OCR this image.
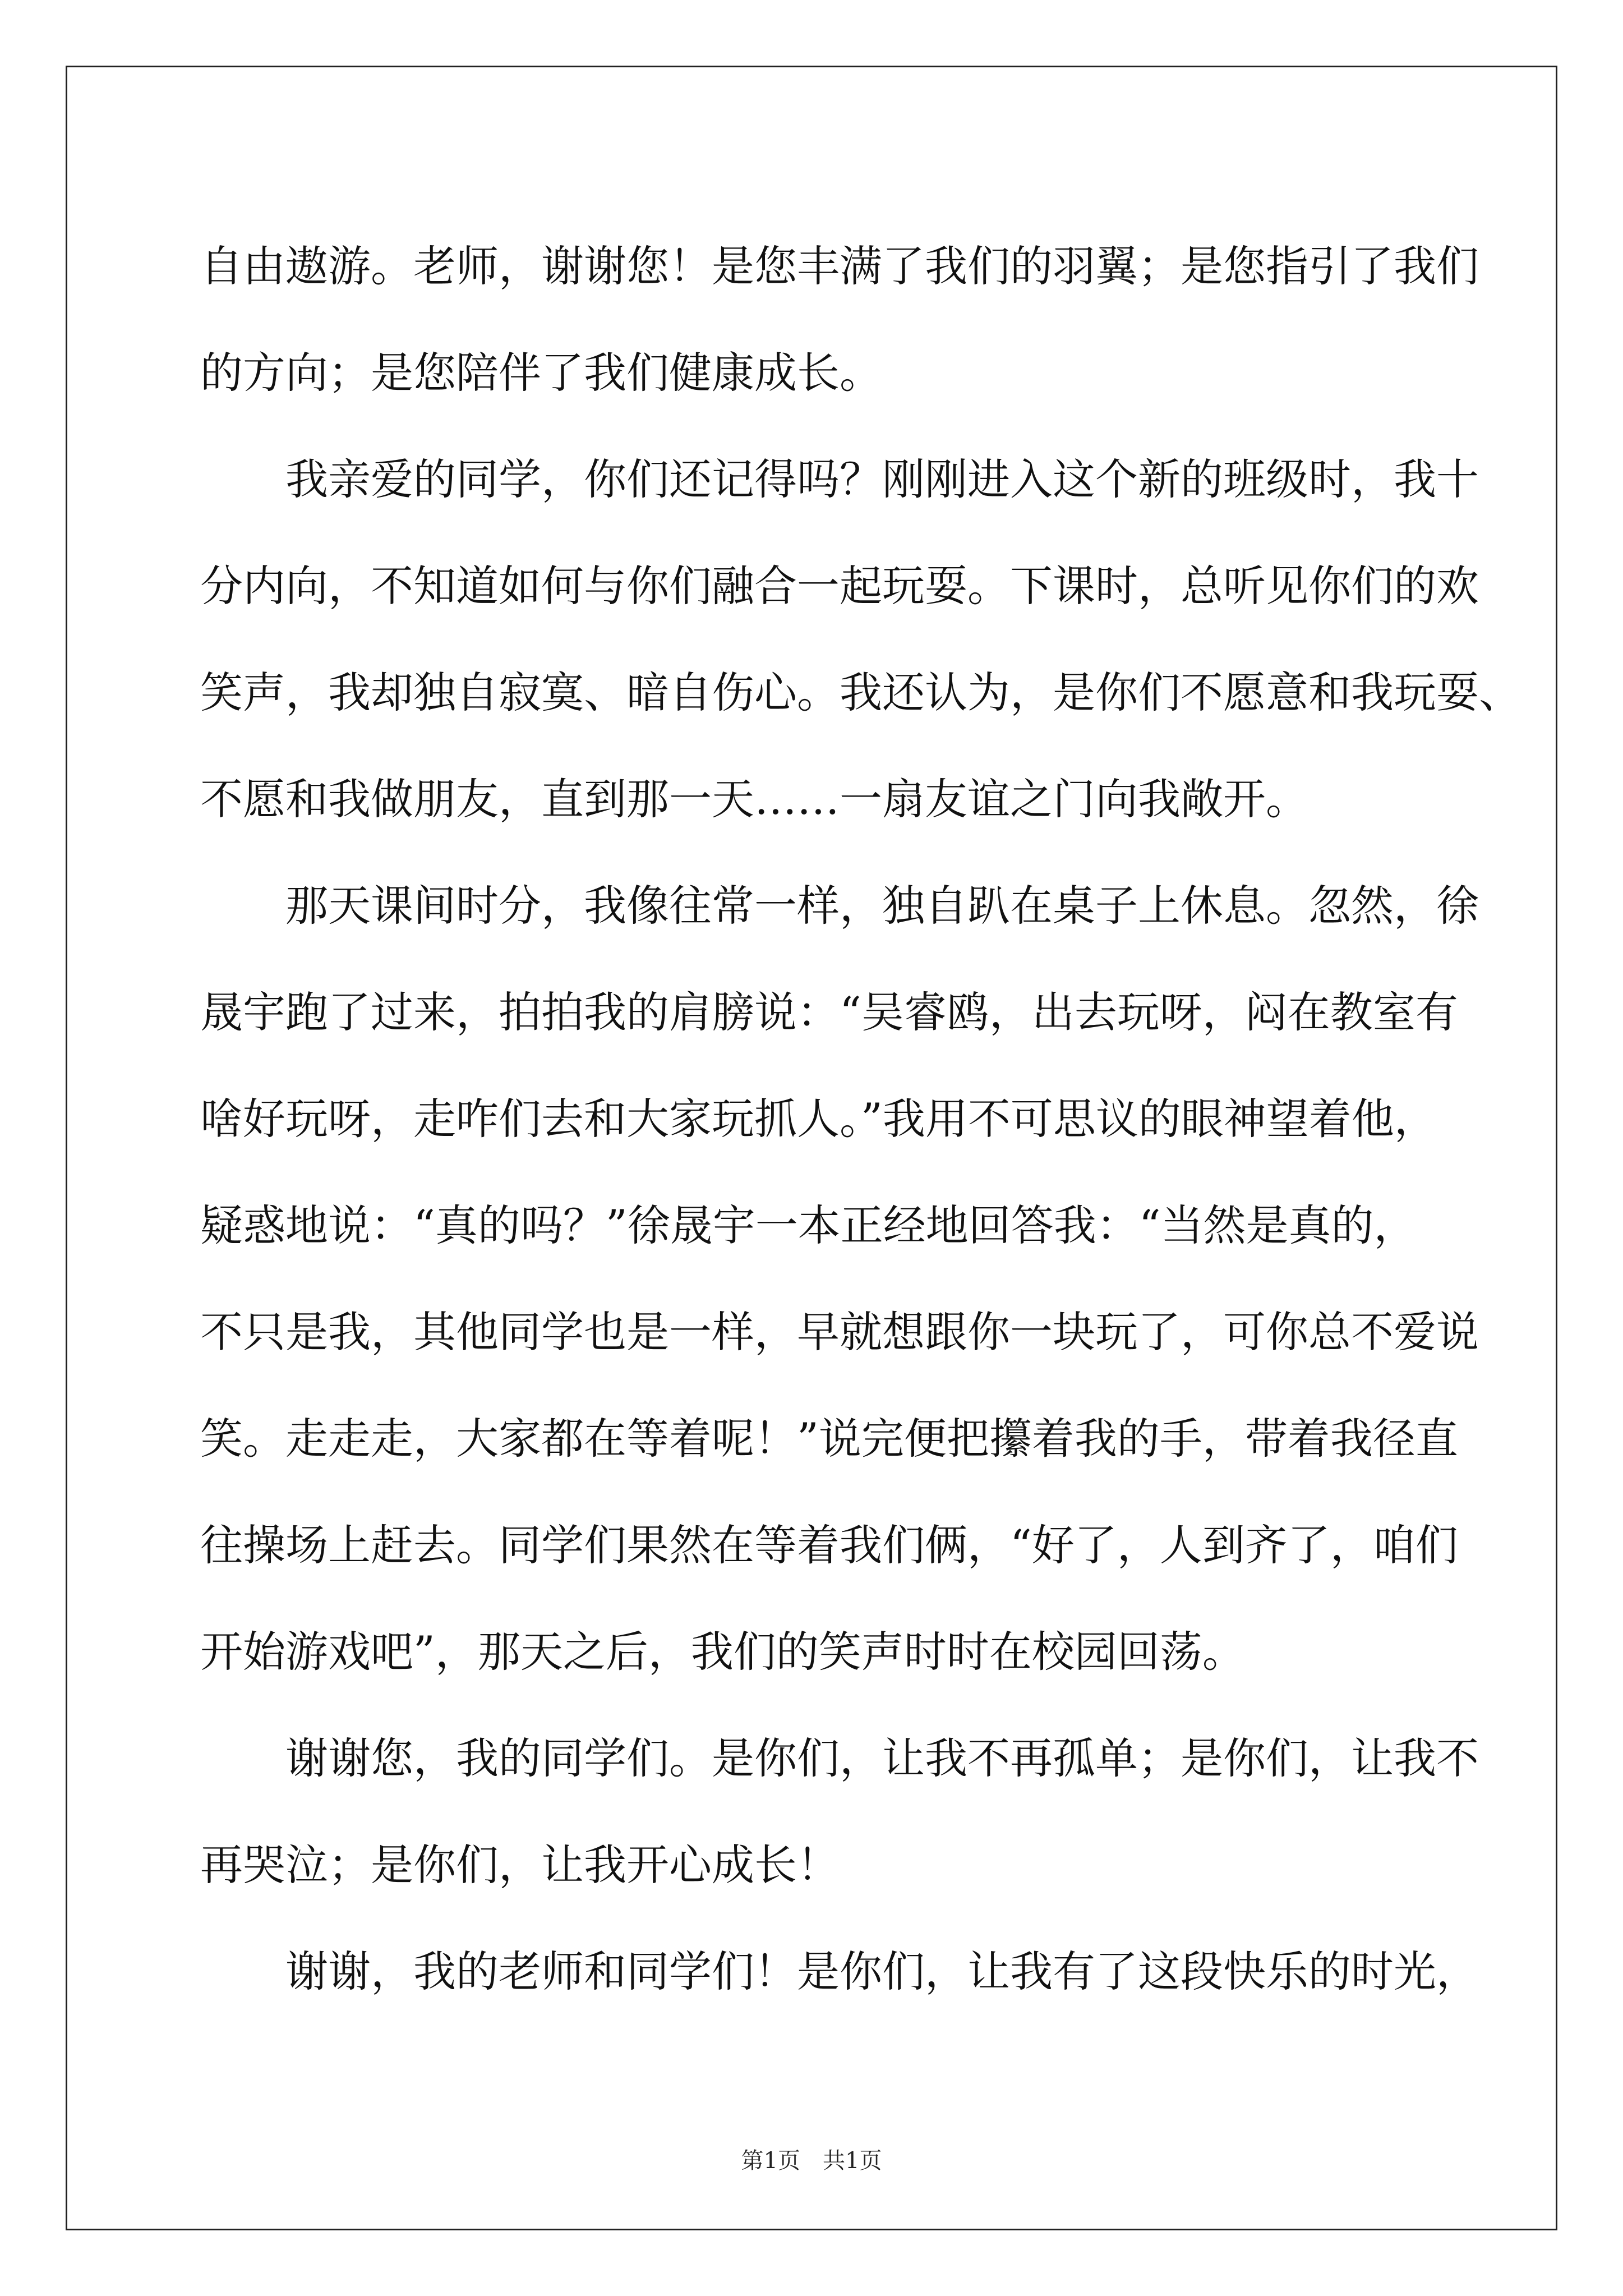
自由遨游。老师，谢谢您！是您丰满了我们的羽翼；是您指引了我们
的方向；是您陪伴了我们健康成长。
我亲爱的同学，你们还记得吗？刚刚进入这个新的班级时，我十
分内向，不知道如何与你们融合一起玩耍。下课时，总听见你们的欢
笑声，我却独自寂寞、暗自伤心。我还认为，是你们不愿意和我玩耍、
不愿和我做朋友，直到那一天……一扇友谊之门向我敞开。
那天课间时分，我像往常一样，独自趴在桌子上休息。忽然，徐
晟宇跑了过来，拍拍我的肩膀说：“吴睿鸥，出去玩呀，闷在教室有
啥好玩呀，走咋们去和大家玩抓人。”我用不可思议的眼神望着他，
疑惑地说：“真的吗？”徐晟宇一本正经地回答我：“当然是真的，
不只是我，其他同学也是一样，早就想跟你一块玩了，可你总不爱说
笑。走走走，大家都在等着呢！”说完便把攥着我的手，带着我径直
往操场上赶去。同学们果然在等着我们俩，“好了，人到齐了，咱们
开始游戏吧”，那天之后，我们的笑声时时在校园回荡。
谢谢您，我的同学们。是你们，让我不再孤单；是你们，让我不
再哭泣；是你们，让我开心成长！
谢谢，我的老师和同学们！是你们，让我有了这段快乐的时光，
第1页 共1页
